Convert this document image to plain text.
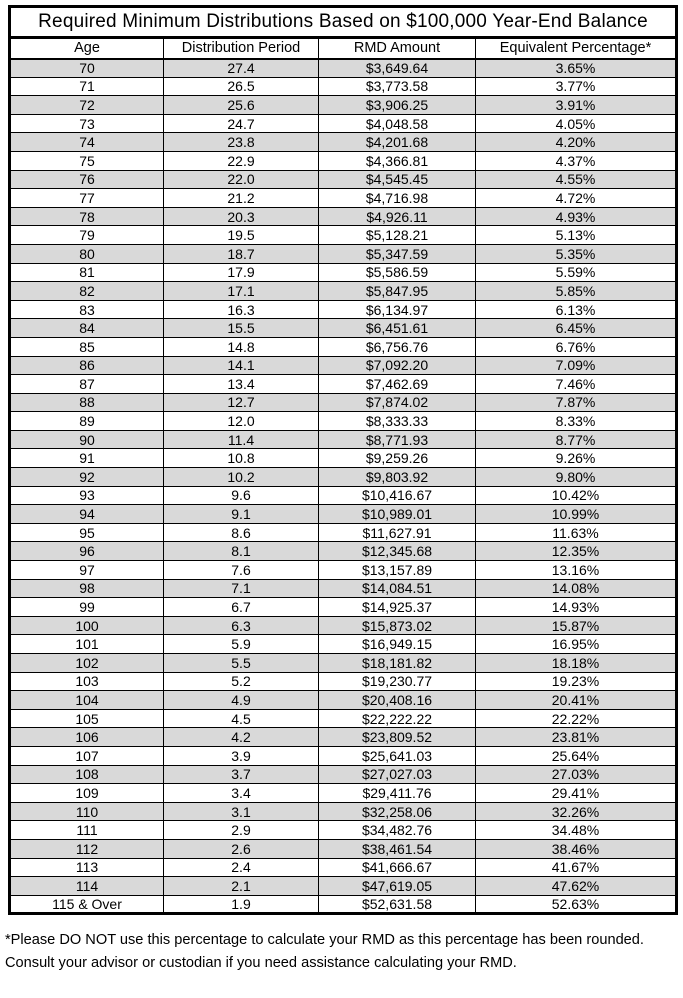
Required Minimum Distributions Based on $100,000 Year-End Balance			
Age	Distribution Period	RMD Amount	Equivalent Percentage*
70	27.4	$3,649.64	3.65%
71	26.5	$3,773.58	3.77%
72	25.6	$3,906.25	3.91%
73	24.7	$4,048.58	4.05%
74	23.8	$4,201.68	4.20%
75	22.9	$4,366.81	4.37%
76	22.0	$4,545.45	4.55%
77	21.2	$4,716.98	4.72%
78	20.3	$4,926.11	4.93%
79	19.5	$5,128.21	5.13%
80	18.7	$5,347.59	5.35%
81	17.9	$5,586.59	5.59%
82	17.1	$5,847.95	5.85%
83	16.3	$6,134.97	6.13%
84	15.5	$6,451.61	6.45%
85	14.8	$6,756.76	6.76%
86	14.1	$7,092.20	7.09%
87	13.4	$7,462.69	7.46%
88	12.7	$7,874.02	7.87%
89	12.0	$8,333.33	8.33%
90	11.4	$8,771.93	8.77%
91	10.8	$9,259.26	9.26%
92	10.2	$9,803.92	9.80%
93	9.6	$10,416.67	10.42%
94	9.1	$10,989.01	10.99%
95	8.6	$11,627.91	11.63%
96	8.1	$12,345.68	12.35%
97	7.6	$13,157.89	13.16%
98	7.1	$14,084.51	14.08%
99	6.7	$14,925.37	14.93%
100	6.3	$15,873.02	15.87%
101	5.9	$16,949.15	16.95%
102	5.5	$18,181.82	18.18%
103	5.2	$19,230.77	19.23%
104	4.9	$20,408.16	20.41%
105	4.5	$22,222.22	22.22%
106	4.2	$23,809.52	23.81%
107	3.9	$25,641.03	25.64%
108	3.7	$27,027.03	27.03%
109	3.4	$29,411.76	29.41%
110	3.1	$32,258.06	32.26%
111	2.9	$34,482.76	34.48%
112	2.6	$38,461.54	38.46%
113	2.4	$41,666.67	41.67%
114	2.1	$47,619.05	47.62%
115 & Over	1.9	$52,631.58	52.63%

*Please DO NOT use this percentage to calculate your RMD as this percentage has been rounded. Consult your advisor or custodian if you need assistance calculating your RMD.
